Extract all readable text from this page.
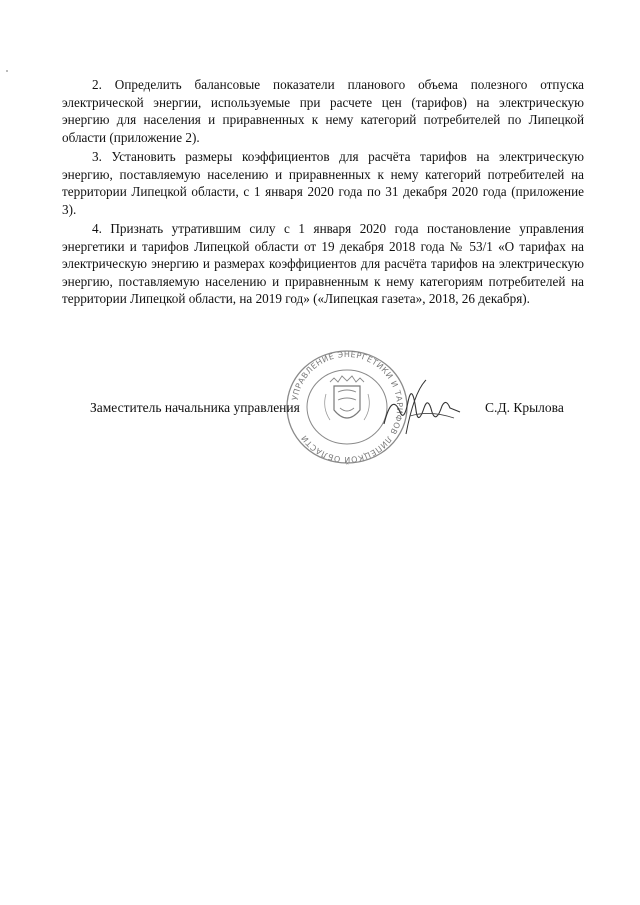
2. Определить балансовые показатели планового объема полезного отпуска электрической энергии, используемые при расчете цен (тарифов) на электрическую энергию для населения и приравненных к нему категорий потребителей по Липецкой области (приложение 2).

3. Установить размеры коэффициентов для расчёта тарифов на электрическую энергию, поставляемую населению и приравненных к нему категорий потребителей на территории Липецкой области, с 1 января 2020 года по 31 декабря 2020 года (приложение 3).

4. Признать утратившим силу с 1 января 2020 года постановление управления энергетики и тарифов Липецкой области от 19 декабря 2018 года № 53/1 «О тарифах на электрическую энергию и размерах коэффициентов для расчёта тарифов на электрическую энергию, поставляемую населению и приравненным к нему категориям потребителей на территории Липецкой области, на 2019 год» («Липецкая газета», 2018, 26 декабря).

УПРАВЛЕНИЕ ЭНЕРГЕТИКИ И ТАРИФОВ ЛИПЕЦКОЙ ОБЛАСТИ
Заместитель начальника управления	С.Д. Крылова
